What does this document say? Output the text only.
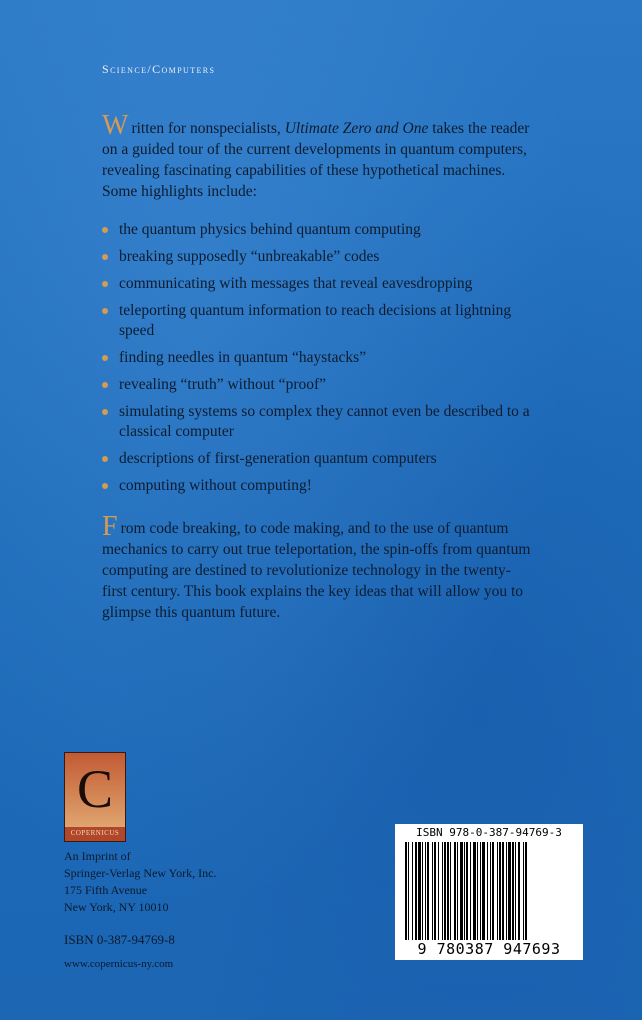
Science/Computers
Written for nonspecialists, Ultimate Zero and One takes the reader on a guided tour of the current developments in quantum computers, revealing fascinating capabilities of these hypothetical machines. Some highlights include:
the quantum physics behind quantum computing
breaking supposedly “unbreakable” codes
communicating with messages that reveal eavesdropping
teleporting quantum information to reach decisions at lightning speed
finding needles in quantum “haystacks”
revealing “truth” without “proof”
simulating systems so complex they cannot even be described to a classical computer
descriptions of first-generation quantum computers
computing without computing!
From code breaking, to code making, and to the use of quantum mechanics to carry out true teleportation, the spin-offs from quantum computing are destined to revolutionize technology in the twenty-first century. This book explains the key ideas that will allow you to glimpse this quantum future.
C
COPERNICUS
An Imprint of
Springer-Verlag New York, Inc.
175 Fifth Avenue
New York, NY 10010
ISBN 0-387-94769-8
www.copernicus-ny.com
ISBN 978-0-387-94769-3
9 780387 947693
